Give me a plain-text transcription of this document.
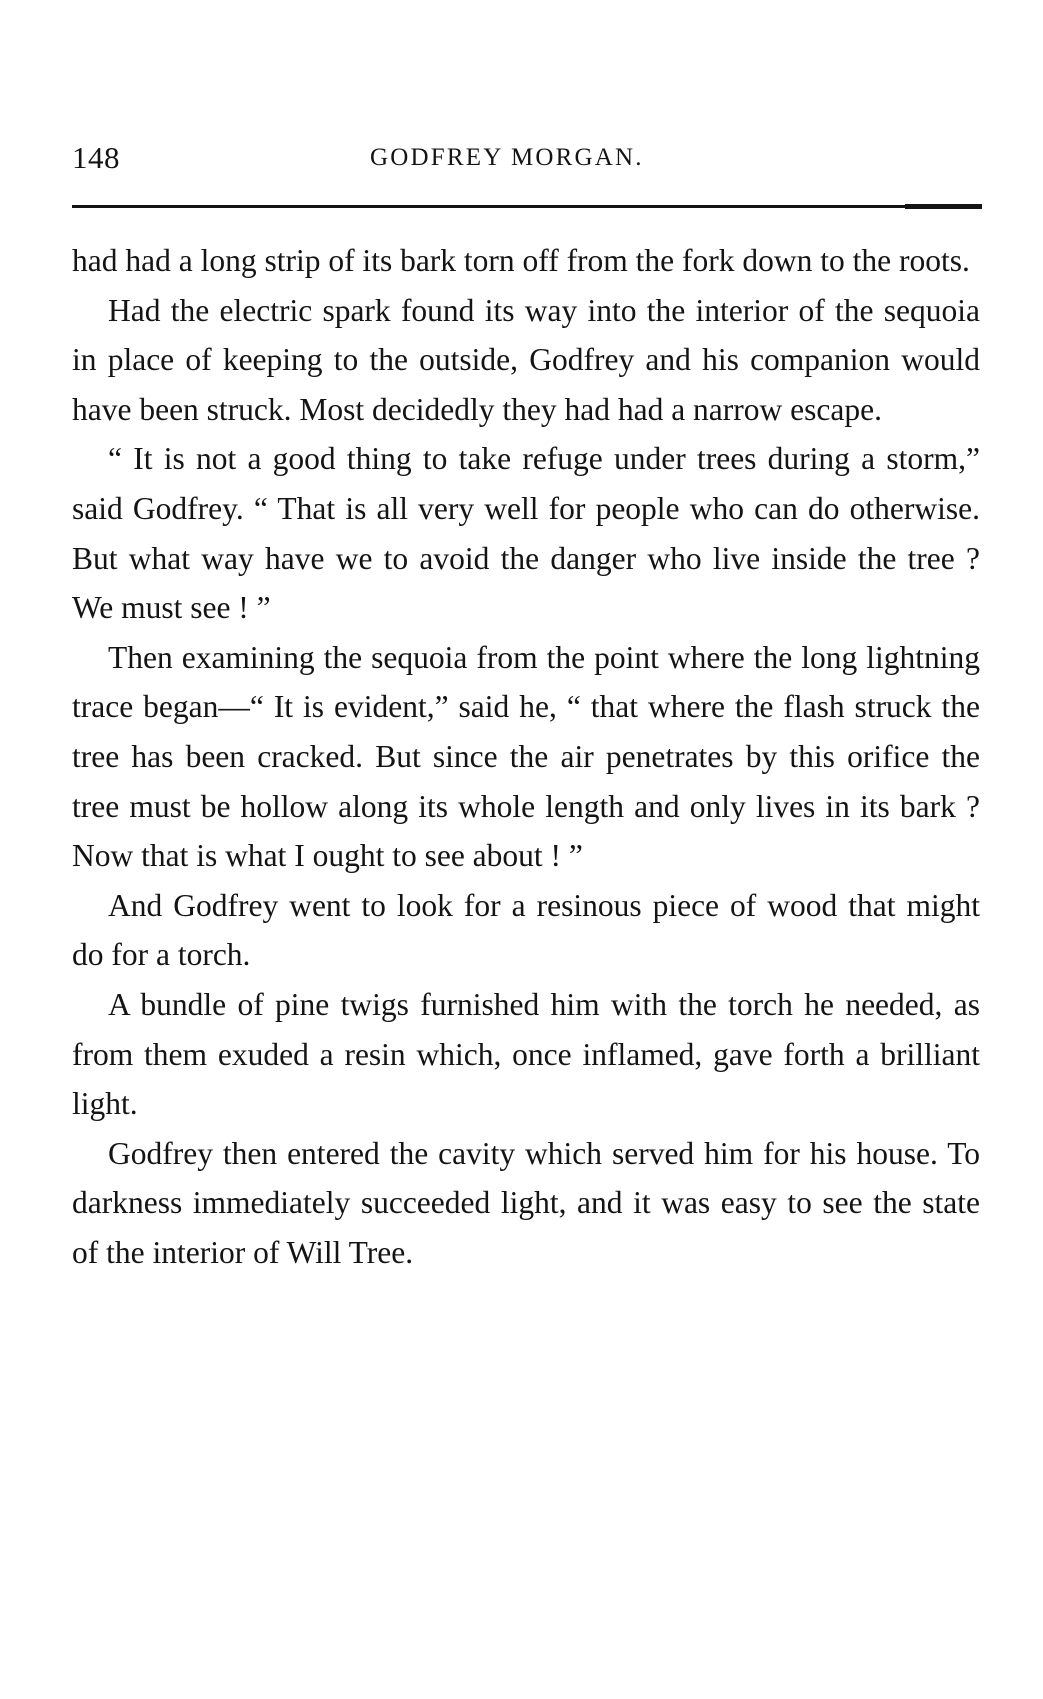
148	GODFREY MORGAN.

had had a long strip of its bark torn off from the fork down to the roots.

Had the electric spark found its way into the interior of the sequoia in place of keeping to the outside, Godfrey and his companion would have been struck. Most decidedly they had had a narrow escape.

“ It is not a good thing to take refuge under trees during a storm,” said Godfrey. “ That is all very well for people who can do otherwise. But what way have we to avoid the danger who live inside the tree ? We must see ! ”

Then examining the sequoia from the point where the long lightning trace began—“ It is evident,” said he, “ that where the flash struck the tree has been cracked. But since the air penetrates by this orifice the tree must be hollow along its whole length and only lives in its bark ? Now that is what I ought to see about ! ”

And Godfrey went to look for a resinous piece of wood that might do for a torch.

A bundle of pine twigs furnished him with the torch he needed, as from them exuded a resin which, once inflamed, gave forth a brilliant light.

Godfrey then entered the cavity which served him for his house. To darkness immediately succeeded light, and it was easy to see the state of the interior of Will Tree.
